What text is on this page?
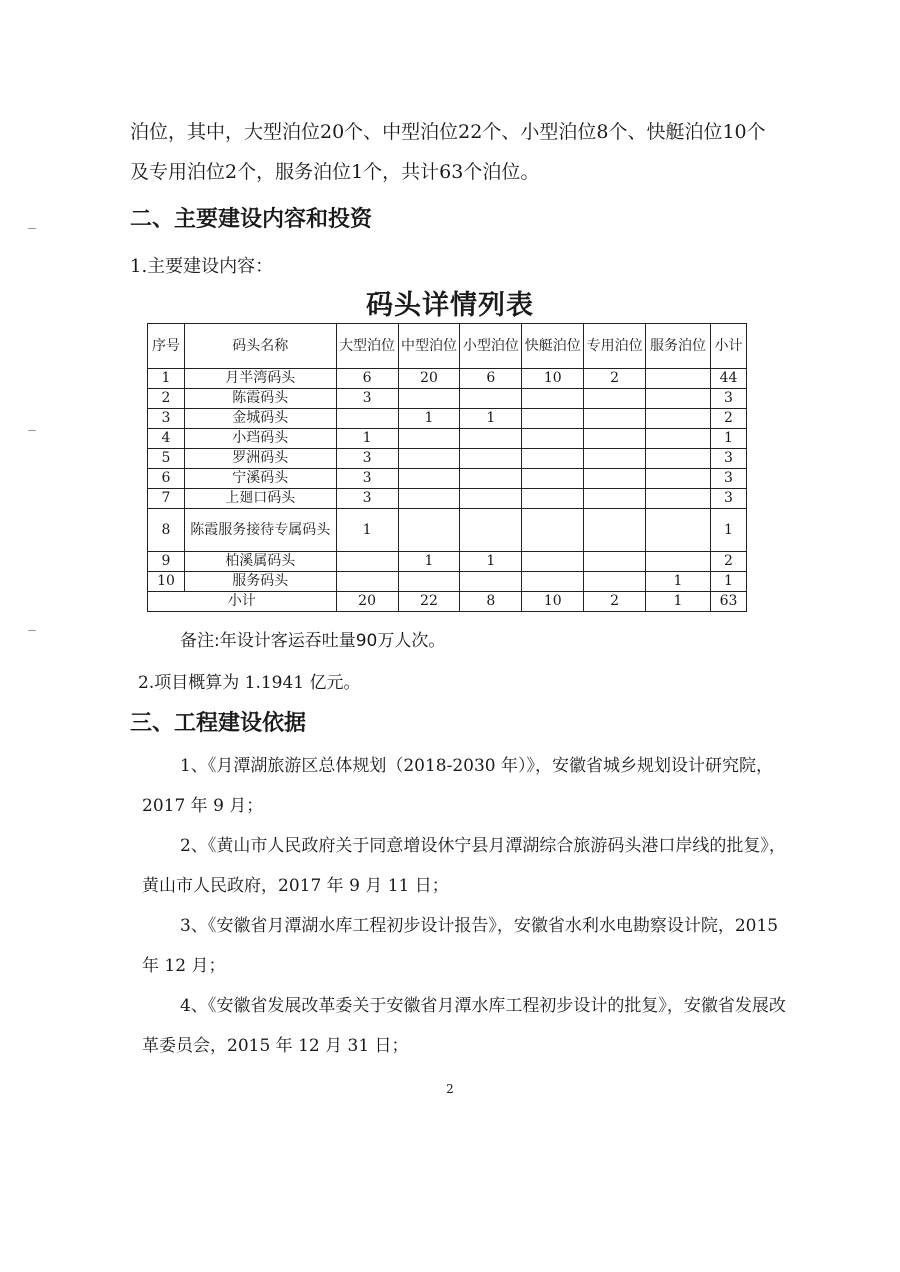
泊位，其中，大型泊位20个、中型泊位22个、小型泊位8个、快艇泊位10个及专用泊位2个，服务泊位1个，共计63个泊位。

二、主要建设内容和投资

1.主要建设内容：

码头详情列表

序号	码头名称	大型泊位	中型泊位	小型泊位	快艇泊位	专用泊位	服务泊位	小计
1	月半湾码头	6	20	6	10	2		44
2	陈霞码头	3						3
3	金城码头		1	1				2
4	小珰码头	1						1
5	罗洲码头	3						3
6	宁溪码头	3						3
7	上廻口码头	3						3
8	陈霞服务接待专属码头	1						1
9	柏溪属码头		1	1				2
10	服务码头						1	1
小计		20	22	8	10	2	1	63

备注:年设计客运吞吐量90万人次。

2.项目概算为 1.1941 亿元。

三、工程建设依据

1、《月潭湖旅游区总体规划（2018-2030 年）》，安徽省城乡规划设计研究院，2017 年 9 月；

2、《黄山市人民政府关于同意增设休宁县月潭湖综合旅游码头港口岸线的批复》，黄山市人民政府，2017 年 9 月 11 日；

3、《安徽省月潭湖水库工程初步设计报告》，安徽省水利水电勘察设计院，2015 年 12 月；

4、《安徽省发展改革委关于安徽省月潭水库工程初步设计的批复》，安徽省发展改革委员会，2015 年 12 月 31 日；

2
